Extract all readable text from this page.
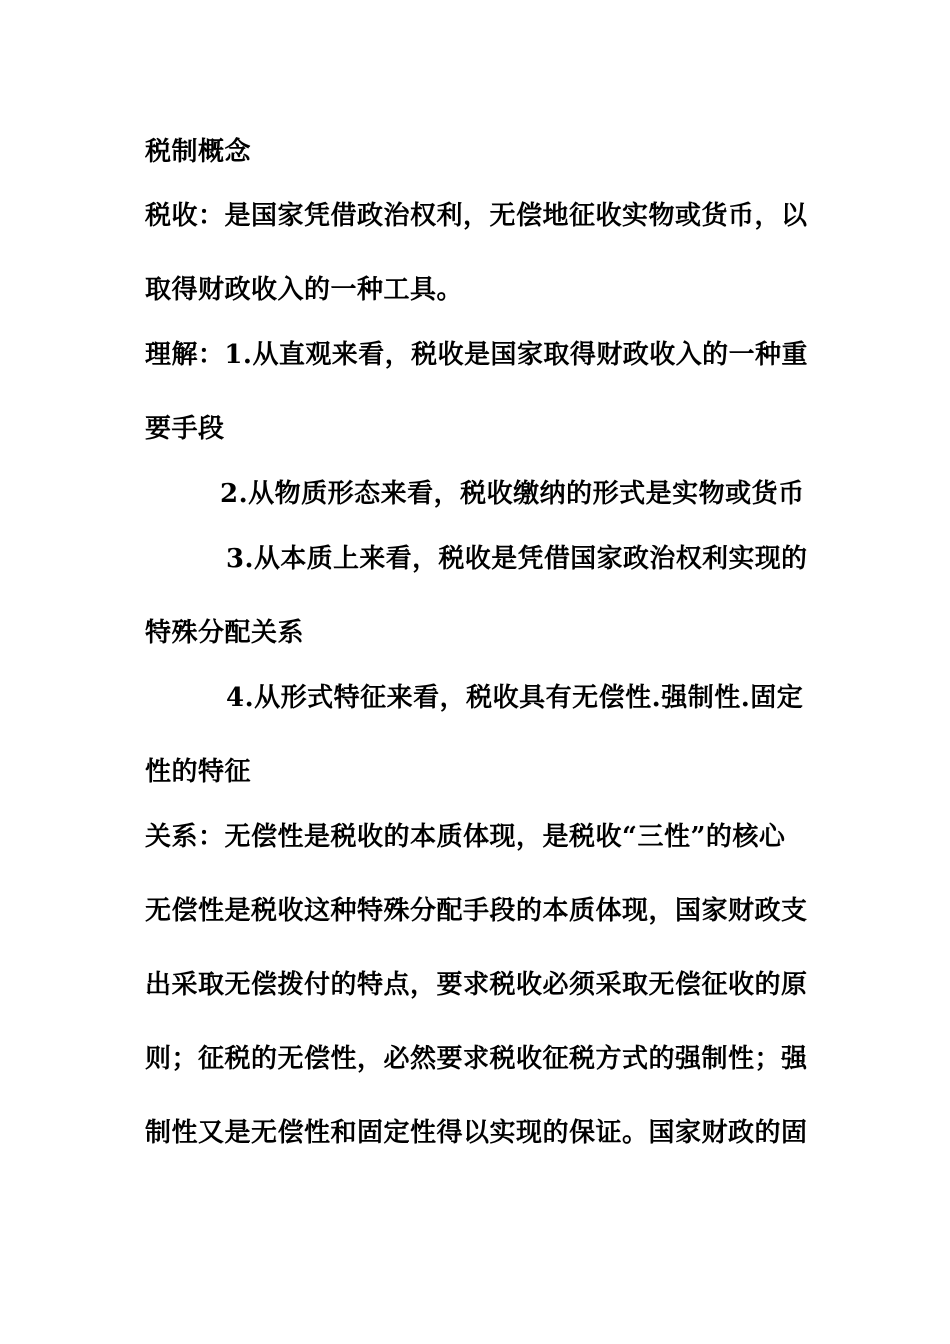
税制概念
税收：是国家凭借政治权利，无偿地征收实物或货币，以
取得财政收入的一种工具。
理解：1.从直观来看，税收是国家取得财政收入的一种重
要手段
2.从物质形态来看，税收缴纳的形式是实物或货币
3.从本质上来看，税收是凭借国家政治权利实现的
特殊分配关系
4.从形式特征来看，税收具有无偿性.强制性.固定
性的特征
关系：无偿性是税收的本质体现，是税收“三性”的核心
无偿性是税收这种特殊分配手段的本质体现，国家财政支
出采取无偿拨付的特点，要求税收必须采取无偿征收的原
则；征税的无偿性，必然要求税收征税方式的强制性；强
制性又是无偿性和固定性得以实现的保证。国家财政的固
